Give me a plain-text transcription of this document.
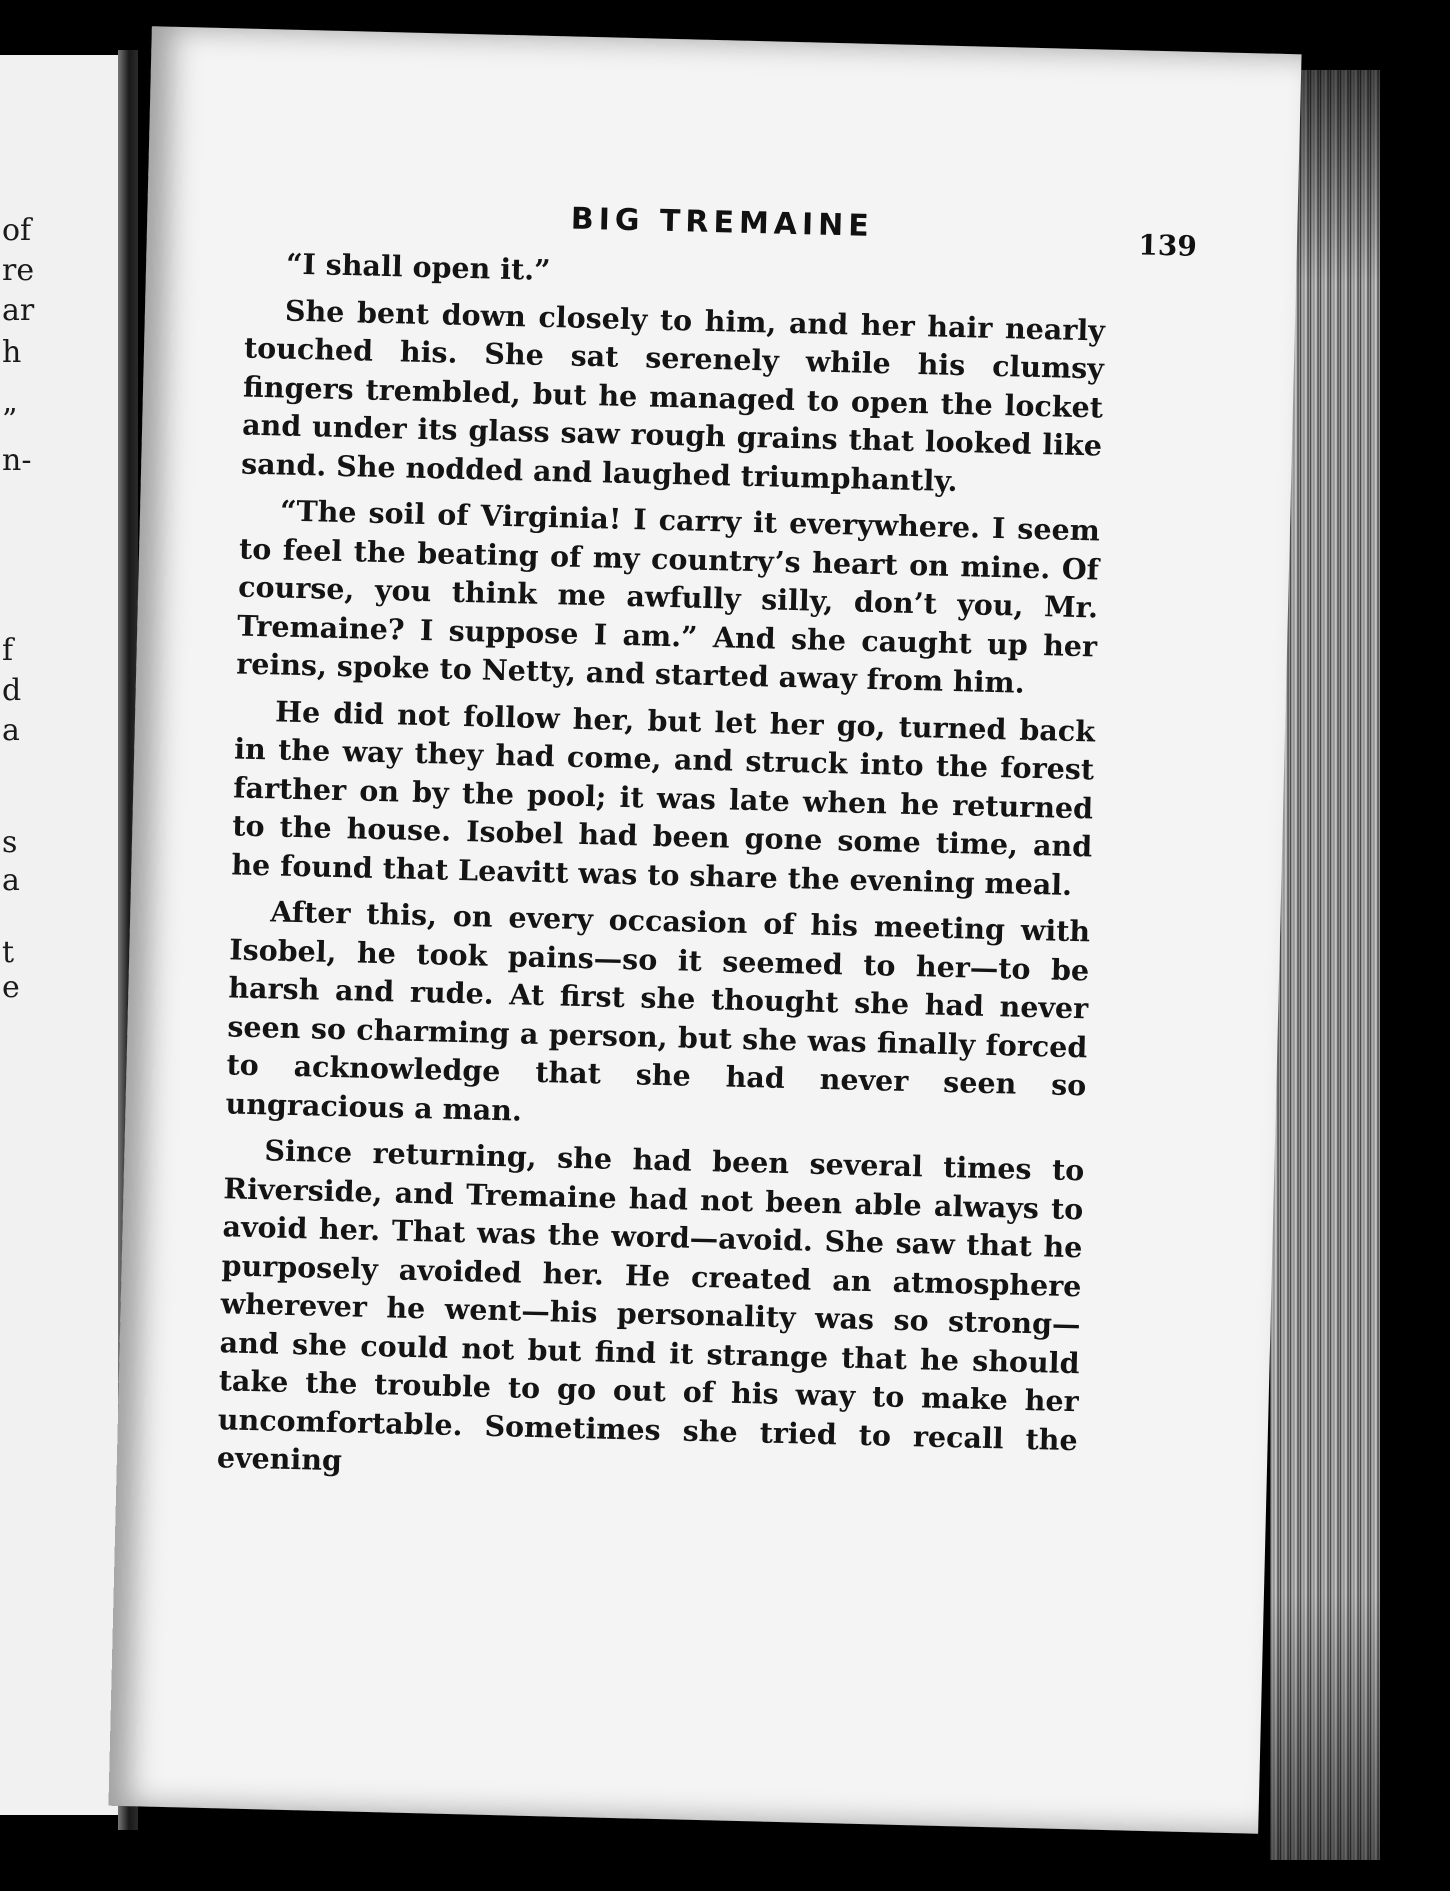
of
re
ar
h
”
n-
f
d
a
s
a
t
e
BIG TREMAINE
139

“I shall open it.”

She bent down closely to him, and her hair nearly touched his. She sat serenely while his clumsy fingers trembled, but he managed to open the locket and under its glass saw rough grains that looked like sand. She nodded and laughed triumphantly.

“The soil of Virginia! I carry it everywhere. I seem to feel the beating of my country’s heart on mine. Of course, you think me awfully silly, don’t you, Mr. Tremaine? I suppose I am.” And she caught up her reins, spoke to Netty, and started away from him.

He did not follow her, but let her go, turned back in the way they had come, and struck into the forest farther on by the pool; it was late when he returned to the house. Isobel had been gone some time, and he found that Leavitt was to share the evening meal.

After this, on every occasion of his meeting with Isobel, he took pains—so it seemed to her—to be harsh and rude. At first she thought she had never seen so charming a person, but she was finally forced to acknowledge that she had never seen so ungracious a man.

Since returning, she had been several times to Riverside, and Tremaine had not been able always to avoid her. That was the word—avoid. She saw that he purposely avoided her. He created an atmosphere wherever he went—his personality was so strong—and she could not but find it strange that he should take the trouble to go out of his way to make her uncomfortable. Sometimes she tried to recall the evening
